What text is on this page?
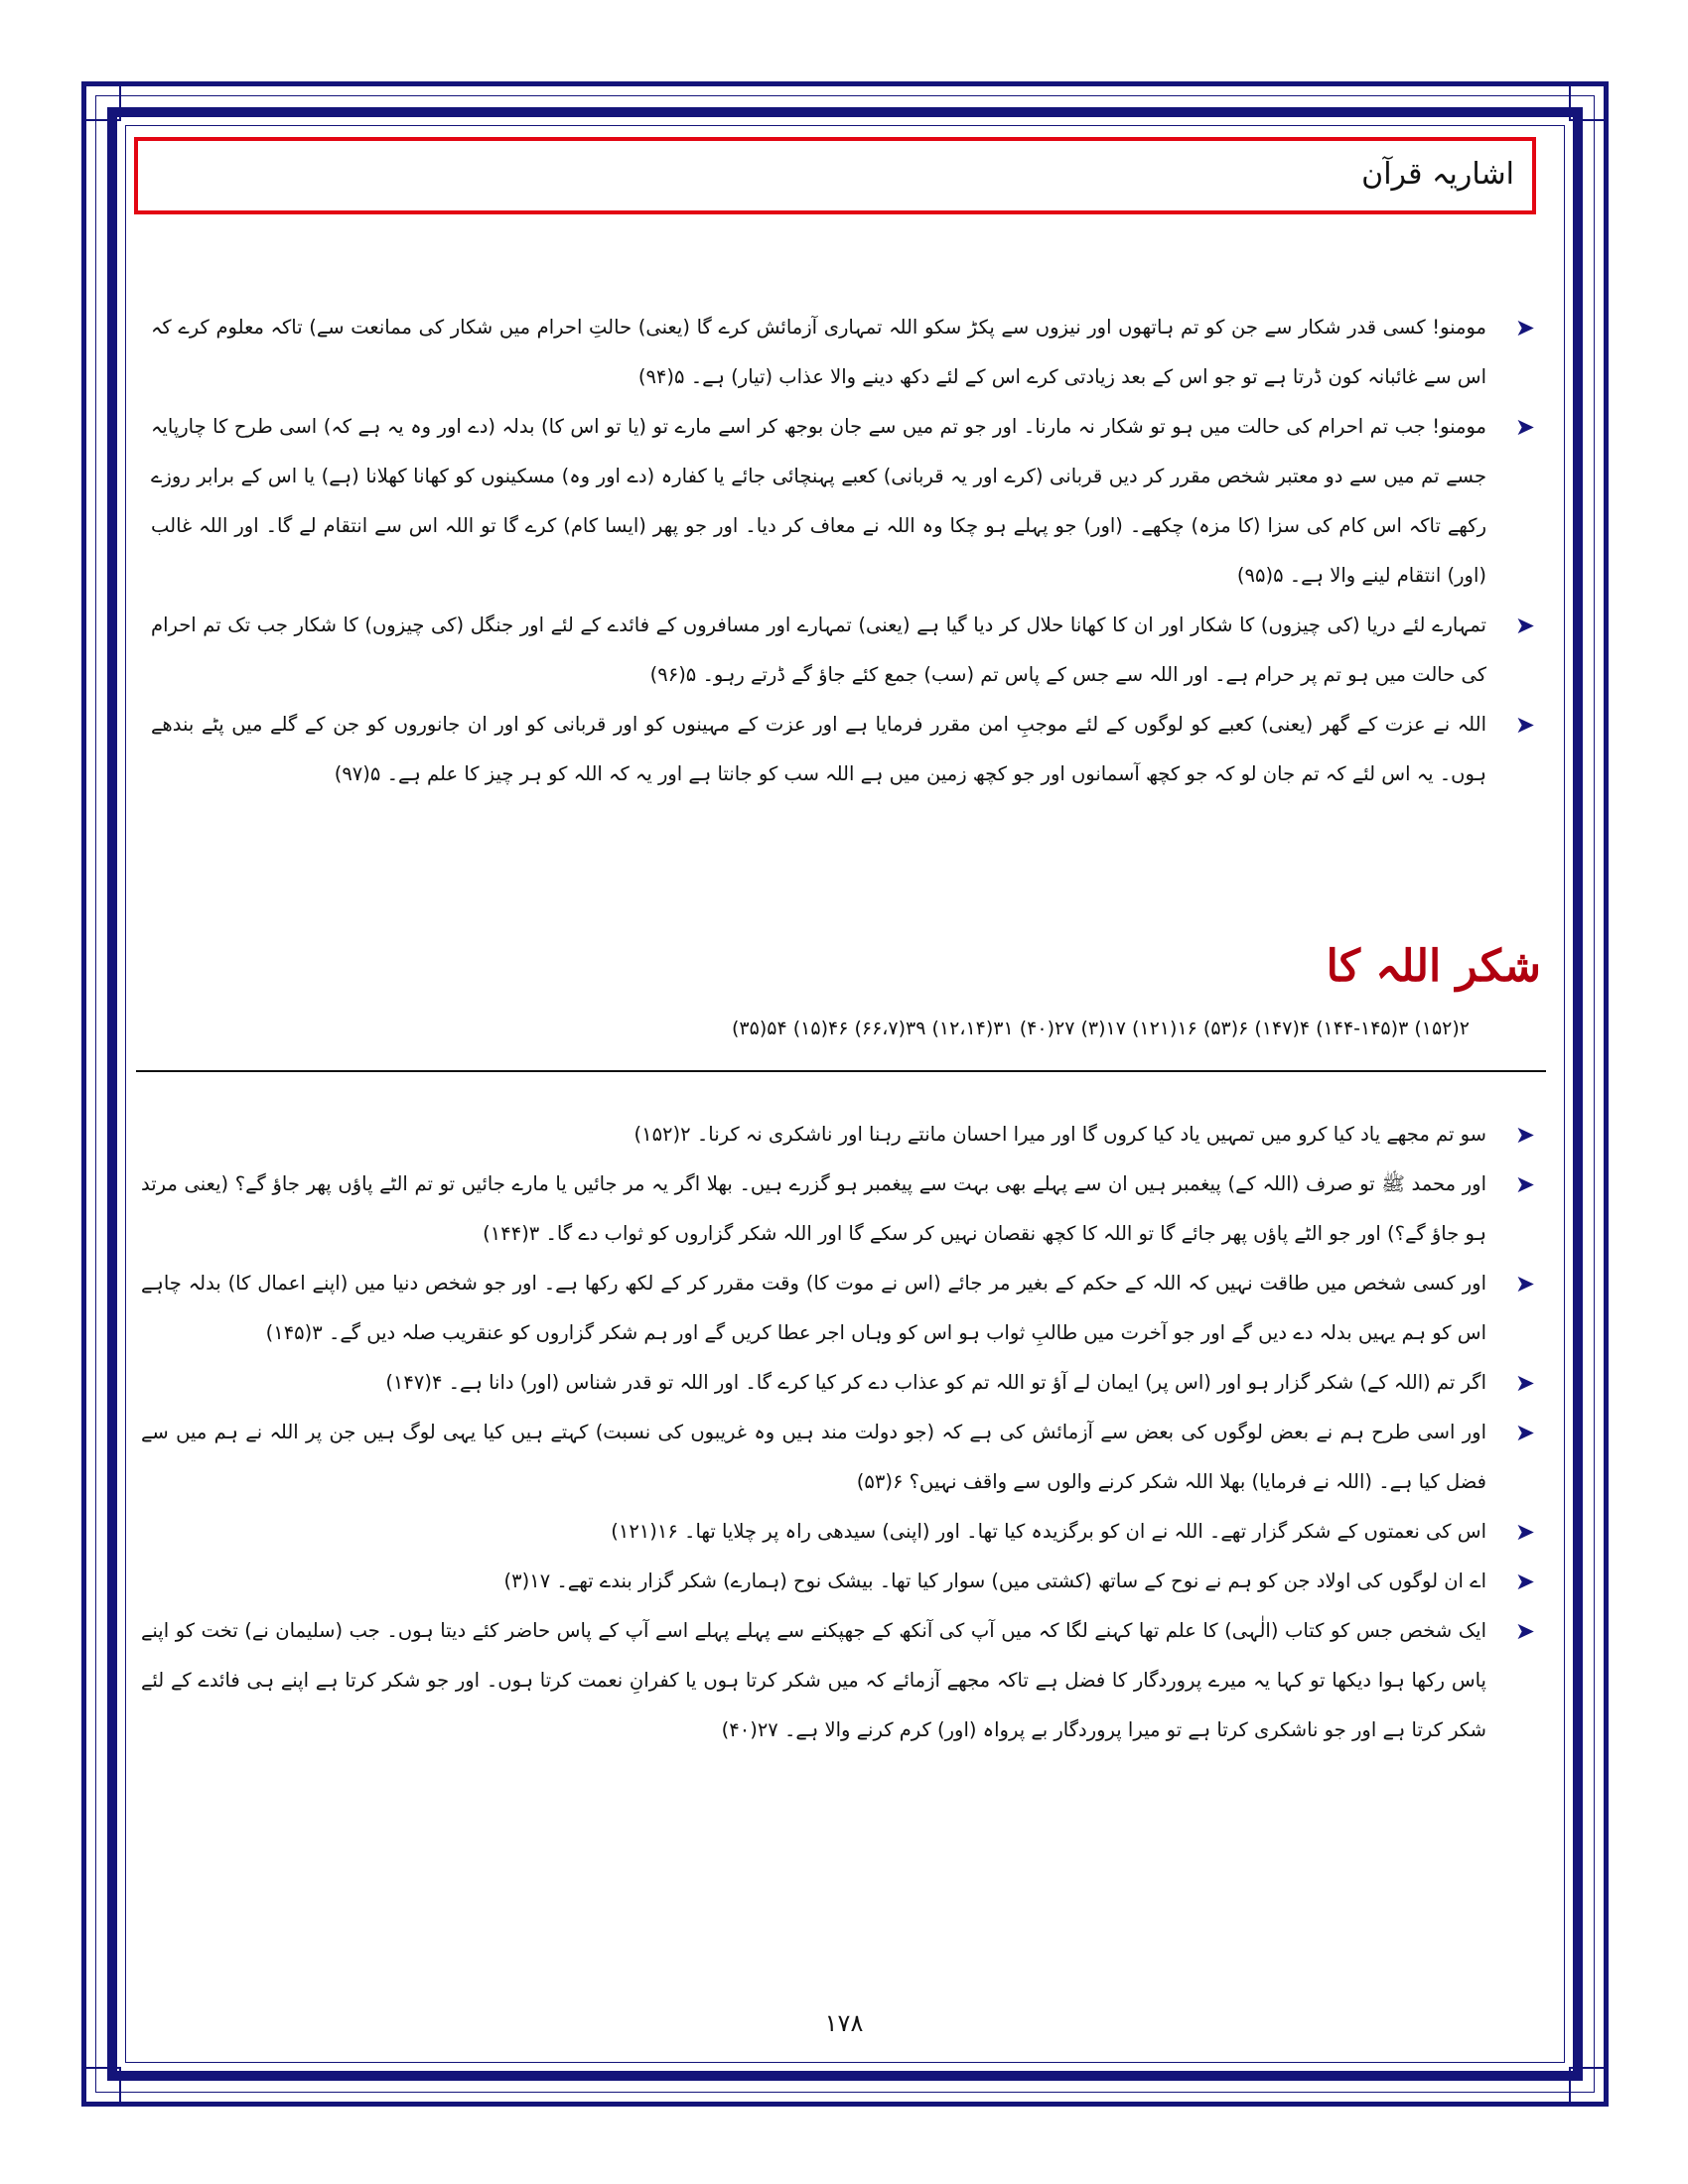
اشاریہ قرآن
➤
مومنو! کسی قدر شکار سے جن کو تم ہاتھوں اور نیزوں سے پکڑ سکو اللہ تمہاری آزمائش کرے گا (یعنی) حالتِ احرام میں شکار کی ممانعت سے) تاکہ معلوم کرے کہ اس سے غائبانہ کون ڈرتا ہے تو جو اس کے بعد زیادتی کرے اس کے لئے دکھ دینے والا عذاب (تیار) ہے۔ ۵(۹۴)
➤
مومنو! جب تم احرام کی حالت میں ہو تو شکار نہ مارنا۔ اور جو تم میں سے جان بوجھ کر اسے مارے تو (یا تو اس کا) بدلہ (دے اور وہ یہ ہے کہ) اسی طرح کا چارپایہ جسے تم میں سے دو معتبر شخص مقرر کر دیں قربانی (کرے اور یہ قربانی) کعبے پہنچائی جائے یا کفارہ (دے اور وہ) مسکینوں کو کھانا کھلانا (ہے) یا اس کے برابر روزے رکھے تاکہ اس کام کی سزا (کا مزہ) چکھے۔ (اور) جو پہلے ہو چکا وہ اللہ نے معاف کر دیا۔ اور جو پھر (ایسا کام) کرے گا تو اللہ اس سے انتقام لے گا۔ اور اللہ غالب (اور) انتقام لینے والا ہے۔ ۵(۹۵)
➤
تمہارے لئے دریا (کی چیزوں) کا شکار اور ان کا کھانا حلال کر دیا گیا ہے (یعنی) تمہارے اور مسافروں کے فائدے کے لئے اور جنگل (کی چیزوں) کا شکار جب تک تم احرام کی حالت میں ہو تم پر حرام ہے۔ اور اللہ سے جس کے پاس تم (سب) جمع کئے جاؤ گے ڈرتے رہو۔ ۵(۹۶)
➤
اللہ نے عزت کے گھر (یعنی) کعبے کو لوگوں کے لئے موجبِ امن مقرر فرمایا ہے اور عزت کے مہینوں کو اور قربانی کو اور ان جانوروں کو جن کے گلے میں پٹے بندھے ہوں۔ یہ اس لئے کہ تم جان لو کہ جو کچھ آسمانوں اور جو کچھ زمین میں ہے اللہ سب کو جانتا ہے اور یہ کہ اللہ کو ہر چیز کا علم ہے۔ ۵(۹۷)
شکر اللہ کا
۲(۱۵۲) ۳(۱۴۴-۱۴۵) ۴(۱۴۷) ۶(۵۳) ۱۶(۱۲۱) ۱۷(۳) ۲۷(۴۰) ۳۱(۱۲،۱۴) ۳۹(۶۶،۷) ۴۶(۱۵) ۵۴(۳۵)
➤
سو تم مجھے یاد کیا کرو میں تمہیں یاد کیا کروں گا اور میرا احسان مانتے رہنا اور ناشکری نہ کرنا۔ ۲(۱۵۲)
➤
اور محمد ﷺ تو صرف (اللہ کے) پیغمبر ہیں ان سے پہلے بھی بہت سے پیغمبر ہو گزرے ہیں۔ بھلا اگر یہ مر جائیں یا مارے جائیں تو تم الٹے پاؤں پھر جاؤ گے؟ (یعنی مرتد ہو جاؤ گے؟) اور جو الٹے پاؤں پھر جائے گا تو اللہ کا کچھ نقصان نہیں کر سکے گا اور اللہ شکر گزاروں کو ثواب دے گا۔ ۳(۱۴۴)
➤
اور کسی شخص میں طاقت نہیں کہ اللہ کے حکم کے بغیر مر جائے (اس نے موت کا) وقت مقرر کر کے لکھ رکھا ہے۔ اور جو شخص دنیا میں (اپنے اعمال کا) بدلہ چاہے اس کو ہم یہیں بدلہ دے دیں گے اور جو آخرت میں طالبِ ثواب ہو اس کو وہاں اجر عطا کریں گے اور ہم شکر گزاروں کو عنقریب صلہ دیں گے۔ ۳(۱۴۵)
➤
اگر تم (اللہ کے) شکر گزار ہو اور (اس پر) ایمان لے آؤ تو اللہ تم کو عذاب دے کر کیا کرے گا۔ اور اللہ تو قدر شناس (اور) دانا ہے۔ ۴(۱۴۷)
➤
اور اسی طرح ہم نے بعض لوگوں کی بعض سے آزمائش کی ہے کہ (جو دولت مند ہیں وہ غریبوں کی نسبت) کہتے ہیں کیا یہی لوگ ہیں جن پر اللہ نے ہم میں سے فضل کیا ہے۔ (اللہ نے فرمایا) بھلا اللہ شکر کرنے والوں سے واقف نہیں؟ ۶(۵۳)
➤
اس کی نعمتوں کے شکر گزار تھے۔ اللہ نے ان کو برگزیدہ کیا تھا۔ اور (اپنی) سیدھی راہ پر چلایا تھا۔ ۱۶(۱۲۱)
➤
اے ان لوگوں کی اولاد جن کو ہم نے نوح کے ساتھ (کشتی میں) سوار کیا تھا۔ بیشک نوح (ہمارے) شکر گزار بندے تھے۔ ۱۷(۳)
➤
ایک شخص جس کو کتاب (الٰہی) کا علم تھا کہنے لگا کہ میں آپ کی آنکھ کے جھپکنے سے پہلے پہلے اسے آپ کے پاس حاضر کئے دیتا ہوں۔ جب (سلیمان نے) تخت کو اپنے پاس رکھا ہوا دیکھا تو کہا یہ میرے پروردگار کا فضل ہے تاکہ مجھے آزمائے کہ میں شکر کرتا ہوں یا کفرانِ نعمت کرتا ہوں۔ اور جو شکر کرتا ہے اپنے ہی فائدے کے لئے شکر کرتا ہے اور جو ناشکری کرتا ہے تو میرا پروردگار بے پرواہ (اور) کرم کرنے والا ہے۔ ۲۷(۴۰)
۱۷۸
